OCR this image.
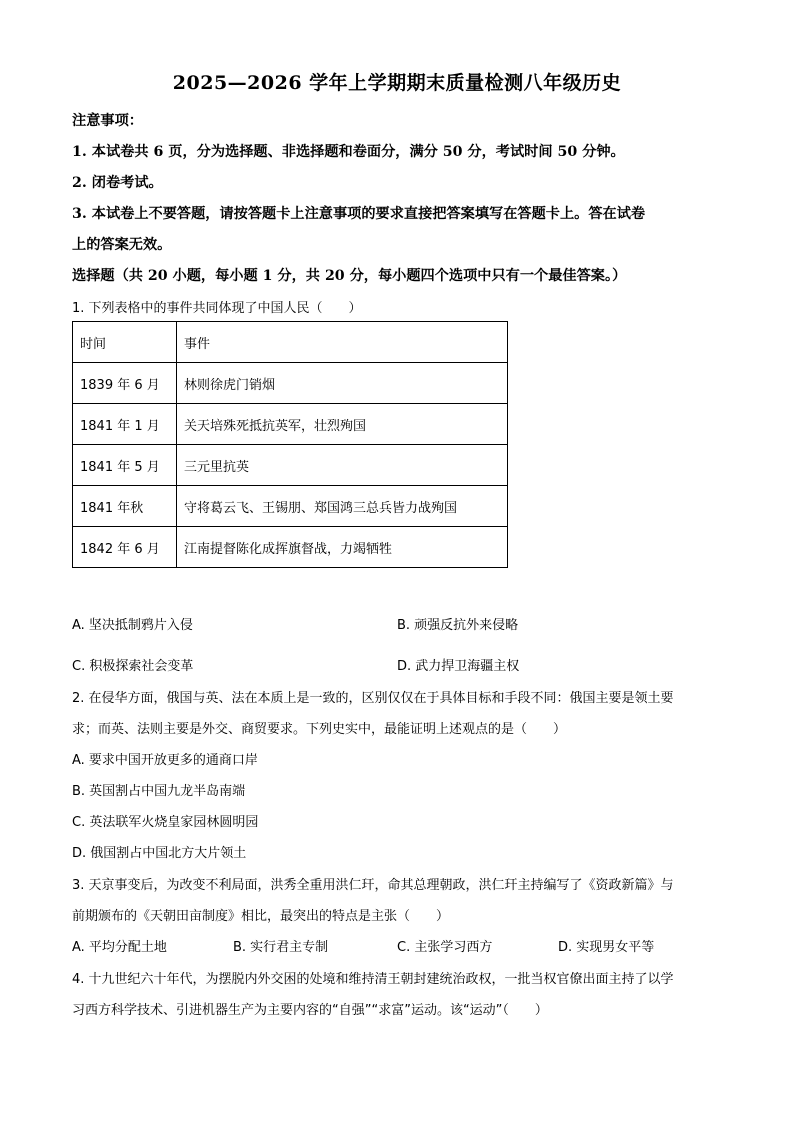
2025—2026 学年上学期期末质量检测八年级历史
注意事项：
1. 本试卷共 6 页，分为选择题、非选择题和卷面分，满分 50 分，考试时间 50 分钟。
2. 闭卷考试。
3. 本试卷上不要答题，请按答题卡上注意事项的要求直接把答案填写在答题卡上。答在试卷
上的答案无效。
选择题（共 20 小题，每小题 1 分，共 20 分，每小题四个选项中只有一个最佳答案。）
1. 下列表格中的事件共同体现了中国人民（　　）
时间	事件
1839 年 6 月	林则徐虎门销烟
1841 年 1 月	关天培殊死抵抗英军，壮烈殉国
1841 年 5 月	三元里抗英
1841 年秋	守将葛云飞、王锡朋、郑国鸿三总兵皆力战殉国
1842 年 6 月	江南提督陈化成挥旗督战，力竭牺牲
A. 坚决抵制鸦片入侵	B. 顽强反抗外来侵略
C. 积极探索社会变革	D. 武力捍卫海疆主权
2. 在侵华方面，俄国与英、法在本质上是一致的，区别仅仅在于具体目标和手段不同：俄国主要是领土要
求；而英、法则主要是外交、商贸要求。下列史实中，最能证明上述观点的是（　　）
A. 要求中国开放更多的通商口岸
B. 英国割占中国九龙半岛南端
C. 英法联军火烧皇家园林圆明园
D. 俄国割占中国北方大片领土
3. 天京事变后，为改变不利局面，洪秀全重用洪仁玕，命其总理朝政，洪仁玕主持编写了《资政新篇》与
前期颁布的《天朝田亩制度》相比，最突出的特点是主张（　　）
A. 平均分配土地	B. 实行君主专制	C. 主张学习西方	D. 实现男女平等
4. 十九世纪六十年代，为摆脱内外交困的处境和维持清王朝封建统治政权，一批当权官僚出面主持了以学
习西方科学技术、引进机器生产为主要内容的“自强”“求富”运动。该“运动”（　　）
